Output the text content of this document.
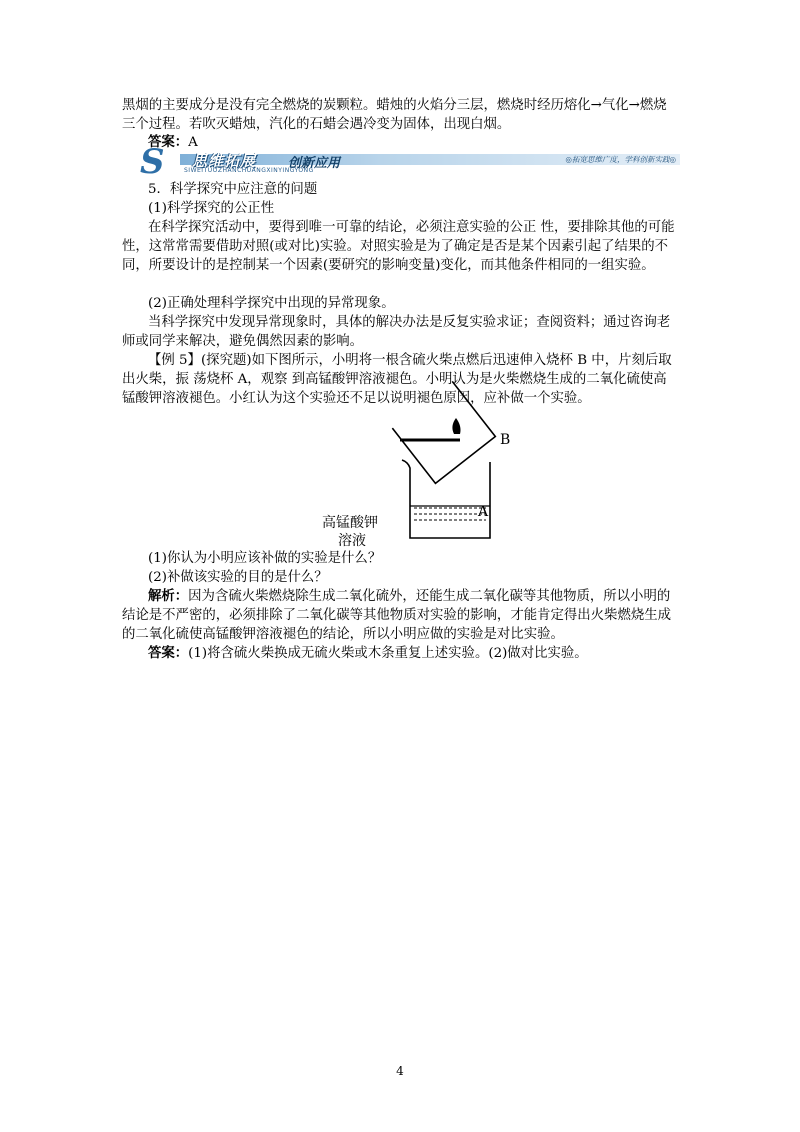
黑烟的主要成分是没有完全燃烧的炭颗粒。蜡烛的火焰分三层，燃烧时经历熔化→气化→燃烧三个过程。若吹灭蜡烛，汽化的石蜡会遇冷变为固体，出现白烟。

答案：A

S 思维拓展 创新应用
SIWEITUOZHANCHUANGXINYINGYONG
◎拓宽思维广度，学科创新实践◎

5．科学探究中应注意的问题

(1)科学探究的公正性

在科学探究活动中，要得到唯一可靠的结论，必须注意实验的公正 性，要排除其他的可能性，这常常需要借助对照(或对比)实验。对照实验是为了确定是否是某个因素引起了结果的不同，所要设计的是控制某一个因素(要研究的影响变量)变化，而其他条件相同的一组实验。

(2)正确处理科学探究中出现的异常现象。

当科学探究中发现异常现象时，具体的解决办法是反复实验求证；查阅资料；通过咨询老师或同学来解决，避免偶然因素的影响。

【例 5】(探究题)如下图所示，小明将一根含硫火柴点燃后迅速伸入烧杯 B 中，片刻后取出火柴，振 荡烧杯 A，观察 到高锰酸钾溶液褪色。小明认为是火柴燃烧生成的二氧化硫使高锰酸钾溶液褪色。小红认为这个实验还不足以说明褪色原因，应补做一个实验。

B
A
高锰酸钾
溶液

(1)你认为小明应该补做的实验是什么？

(2)补做该实验的目的是什么？

解析：因为含硫火柴燃烧除生成二氧化硫外，还能生成二氧化碳等其他物质，所以小明的结论是不严密的，必须排除了二氧化碳等其他物质对实验的影响，才能肯定得出火柴燃烧生成的二氧化硫使高锰酸钾溶液褪色的结论，所以小明应做的实验是对比实验。

答案：(1)将含硫火柴换成无硫火柴或木条重复上述实验。(2)做对比实验。

4
